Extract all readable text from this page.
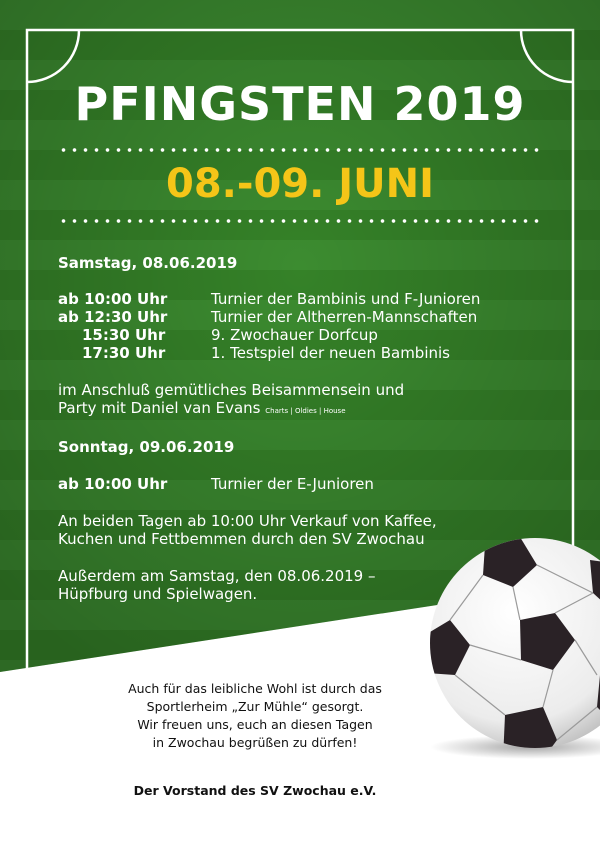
PFINGSTEN 2019
08.-09. JUNI
Samstag, 08.06.2019
ab 10:00 Uhr	Turnier der Bambinis und F-Junioren
ab 12:30 Uhr	Turnier der Altherren-Mannschaften
15:30 Uhr	9. Zwochauer Dorfcup
17:30 Uhr	1. Testspiel der neuen Bambinis
im Anschluß gemütliches Beisammensein und
Party mit Daniel van Evans Charts | Oldies | House
Sonntag, 09.06.2019
ab 10:00 Uhr	Turnier der E-Junioren
An beiden Tagen ab 10:00 Uhr Verkauf von Kaffee,
Kuchen und Fettbemmen durch den SV Zwochau
Außerdem am Samstag, den 08.06.2019 –
Hüpfburg und Spielwagen.
Auch für das leibliche Wohl ist durch das
Sportlerheim „Zur Mühle“ gesorgt.
Wir freuen uns, euch an diesen Tagen
in Zwochau begrüßen zu dürfen!
Der Vorstand des SV Zwochau e.V.
